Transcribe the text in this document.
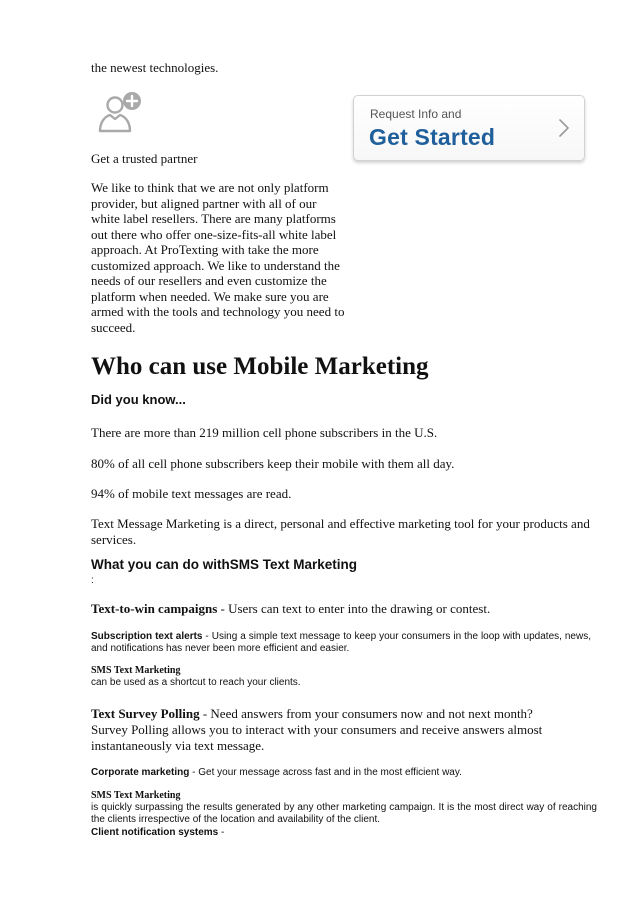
the newest technologies.
Request Info and
Get Started
Get a trusted partner
We like to think that we are not only platform provider, but aligned partner with all of our white label resellers. There are many platforms out there who offer one-size-fits-all white label approach. At ProTexting with take the more customized approach. We like to understand the needs of our resellers and even customize the platform when needed. We make sure you are armed with the tools and technology you need to succeed.
Who can use Mobile Marketing
Did you know...
There are more than 219 million cell phone subscribers in the U.S.
80% of all cell phone subscribers keep their mobile with them all day.
94% of mobile text messages are read.
Text Message Marketing is a direct, personal and effective marketing tool for your products and services.
What you can do withSMS Text Marketing
:
Text-to-win campaigns - Users can text to enter into the drawing or contest.
Subscription text alerts - Using a simple text message to keep your consumers in the loop with updates, news, and notifications has never been more efficient and easier.
SMS Text Marketing
can be used as a shortcut to reach your clients.
Text Survey Polling - Need answers from your consumers now and not next month? Survey Polling allows you to interact with your consumers and receive answers almost instantaneously via text message.
Corporate marketing - Get your message across fast and in the most efficient way.
SMS Text Marketing
is quickly surpassing the results generated by any other marketing campaign. It is the most direct way of reaching the clients irrespective of the location and availability of the client.
Client notification systems -
